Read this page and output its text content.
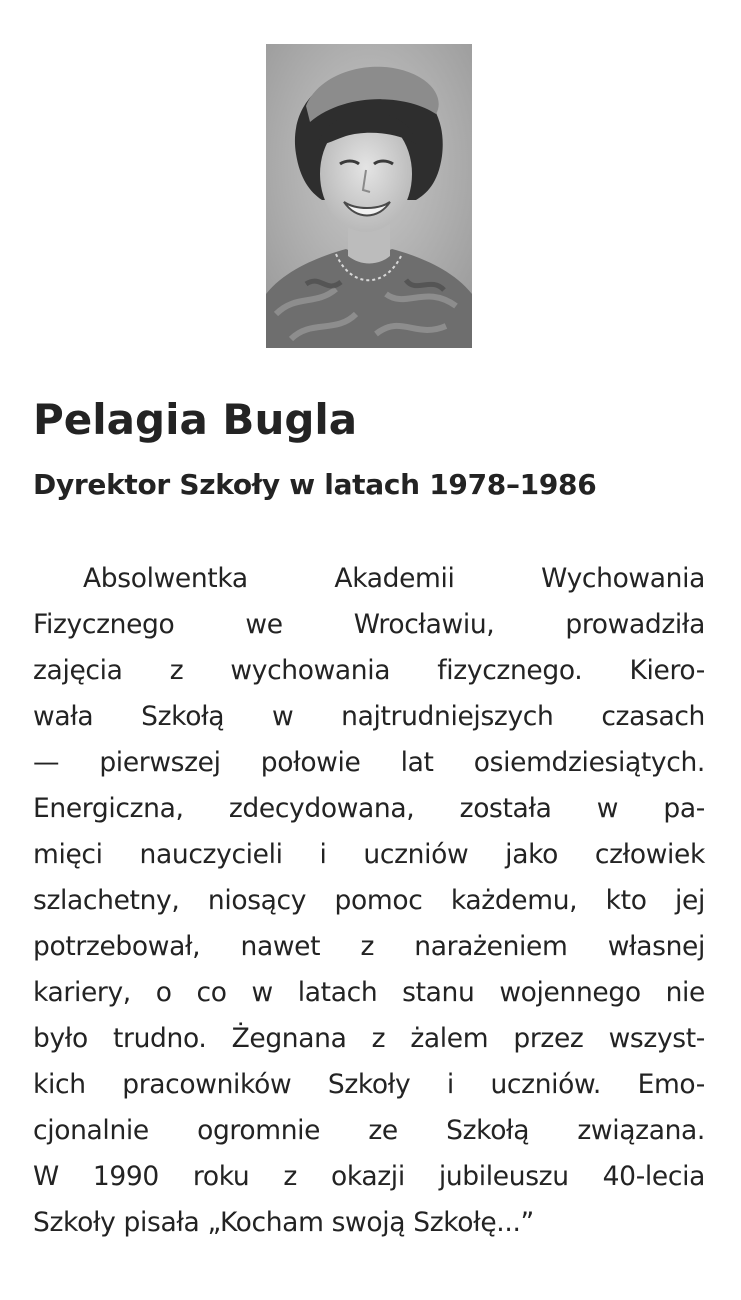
Pelagia Bugla
Dyrektor Szkoły w latach 1978–1986
Absolwentka Akademii Wychowania
Fizycznego we Wrocławiu, prowadziła
zajęcia z wychowania fizycznego. Kiero-
wała Szkołą w najtrudniejszych czasach
— pierwszej połowie lat osiemdziesiątych.
Energiczna, zdecydowana, została w pa-
mięci nauczycieli i uczniów jako człowiek
szlachetny, niosący pomoc każdemu, kto jej
potrzebował, nawet z narażeniem własnej
kariery, o co w latach stanu wojennego nie
było trudno. Żegnana z żalem przez wszyst-
kich pracowników Szkoły i uczniów. Emo-
cjonalnie ogromnie ze Szkołą związana.
W 1990 roku z okazji jubileuszu 40-lecia
Szkoły pisała „Kocham swoją Szkołę...”
